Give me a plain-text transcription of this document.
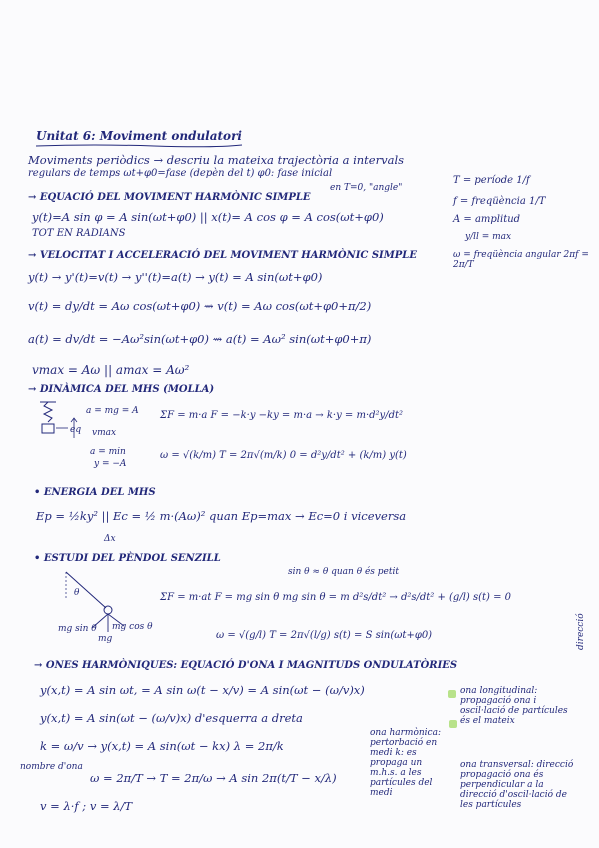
Unitat 6: Moviment ondulatori
Moviments periòdics → descriu la mateixa trajectòria a intervals
regulars de temps ωt+φ0=fase (depèn del t) φ0: fase inicial
en T=0, "angle"
T = període 1/f
f = freqüència 1/T
A = amplitud
y/ll = max
ω = freqüència angular 2πf = 2π/T
→ EQUACIÓ DEL MOVIMENT HARMÒNIC SIMPLE
y(t)=A sin φ = A sin(ωt+φ0) || x(t)= A cos φ = A cos(ωt+φ0)
TOT EN RADIANS
→ VELOCITAT I ACCELERACIÓ DEL MOVIMENT HARMÒNIC SIMPLE
y(t) → y'(t)=v(t) → y''(t)=a(t) → y(t) = A sin(ωt+φ0)
v(t) = dy/dt = Aω cos(ωt+φ0) ⇝ v(t) = Aω cos(ωt+φ0+π/2)
a(t) = dv/dt = −Aω²sin(ωt+φ0) ⇝ a(t) = Aω² sin(ωt+φ0+π)
vmax = Aω || amax = Aω²
→ DINÀMICA DEL MHS (MOLLA)
eq
a = mg = A
vmax
a = min
y = −A
ΣF = m·a F = −k·y −ky = m·a → k·y = m·d²y/dt²
ω = √(k/m) T = 2π√(m/k) 0 = d²y/dt² + (k/m) y(t)
• ENERGIA DEL MHS
Ep = ½ky² || Ec = ½ m·(Aω)² quan Ep=max → Ec=0 i viceversa
Δx
• ESTUDI DEL PÈNDOL SENZILL
sin θ ≈ θ quan θ és petit
θ
mg sin θ
mg
mg cos θ
ΣF = m·at F = mg sin θ mg sin θ = m d²s/dt² → d²s/dt² + (g/l) s(t) = 0
ω = √(g/l) T = 2π√(l/g) s(t) = S sin(ωt+φ0)	direcció
→ ONES HARMÒNIQUES: EQUACIÓ D'ONA I MAGNITUDS ONDULATÒRIES
y(x,t) = A sin ωt, = A sin ω(t − x/v) = A sin(ωt − (ω/v)x)
y(x,t) = A sin(ωt − (ω/v)x) d'esquerra a dreta
k = ω/v → y(x,t) = A sin(ωt − kx) λ = 2π/k
nombre d'ona
ω = 2π/T → T = 2π/ω → A sin 2π(t/T − x/λ)
v = λ·f ; v = λ/T
ona longitudinal: propagació ona i oscil·lació de partícules és el mateix
ona transversal: direcció propagació ona és perpendicular a la direcció d'oscil·lació de les partícules
ona harmònica: pertorbació en medi k: es propaga un m.h.s. a les partícules del medi
